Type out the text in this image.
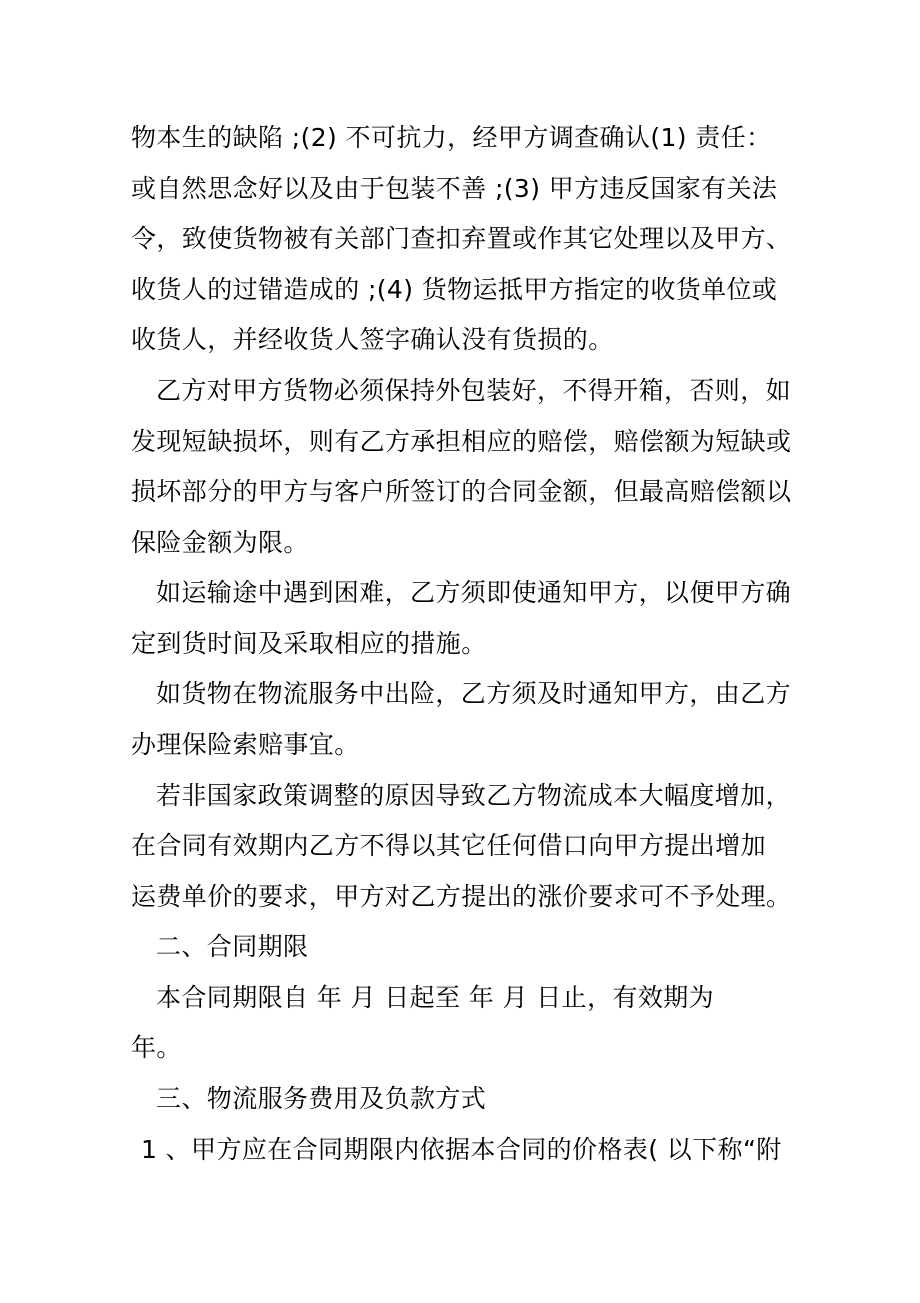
物本生的缺陷 ;(2) 不可抗力，经甲方调查确认(1) 责任：
或自然思念好以及由于包装不善 ;(3) 甲方违反国家有关法
令，致使货物被有关部门查扣弃置或作其它处理以及甲方、
收货人的过错造成的 ;(4) 货物运抵甲方指定的收货单位或
收货人，并经收货人签字确认没有货损的。
乙方对甲方货物必须保持外包装好，不得开箱，否则，如
发现短缺损坏，则有乙方承担相应的赔偿，赔偿额为短缺或
损坏部分的甲方与客户所签订的合同金额，但最高赔偿额以
保险金额为限。
如运输途中遇到困难，乙方须即使通知甲方，以便甲方确
定到货时间及采取相应的措施。
如货物在物流服务中出险，乙方须及时通知甲方，由乙方
办理保险索赔事宜。
若非国家政策调整的原因导致乙方物流成本大幅度增加，
在合同有效期内乙方不得以其它任何借口向甲方提出增加
运费单价的要求，甲方对乙方提出的涨价要求可不予处理。
二、合同期限
本合同期限自 年 月 日起至 年 月 日止，有效期为
年。
三、物流服务费用及负款方式
1 、甲方应在合同期限内依据本合同的价格表( 以下称“附
